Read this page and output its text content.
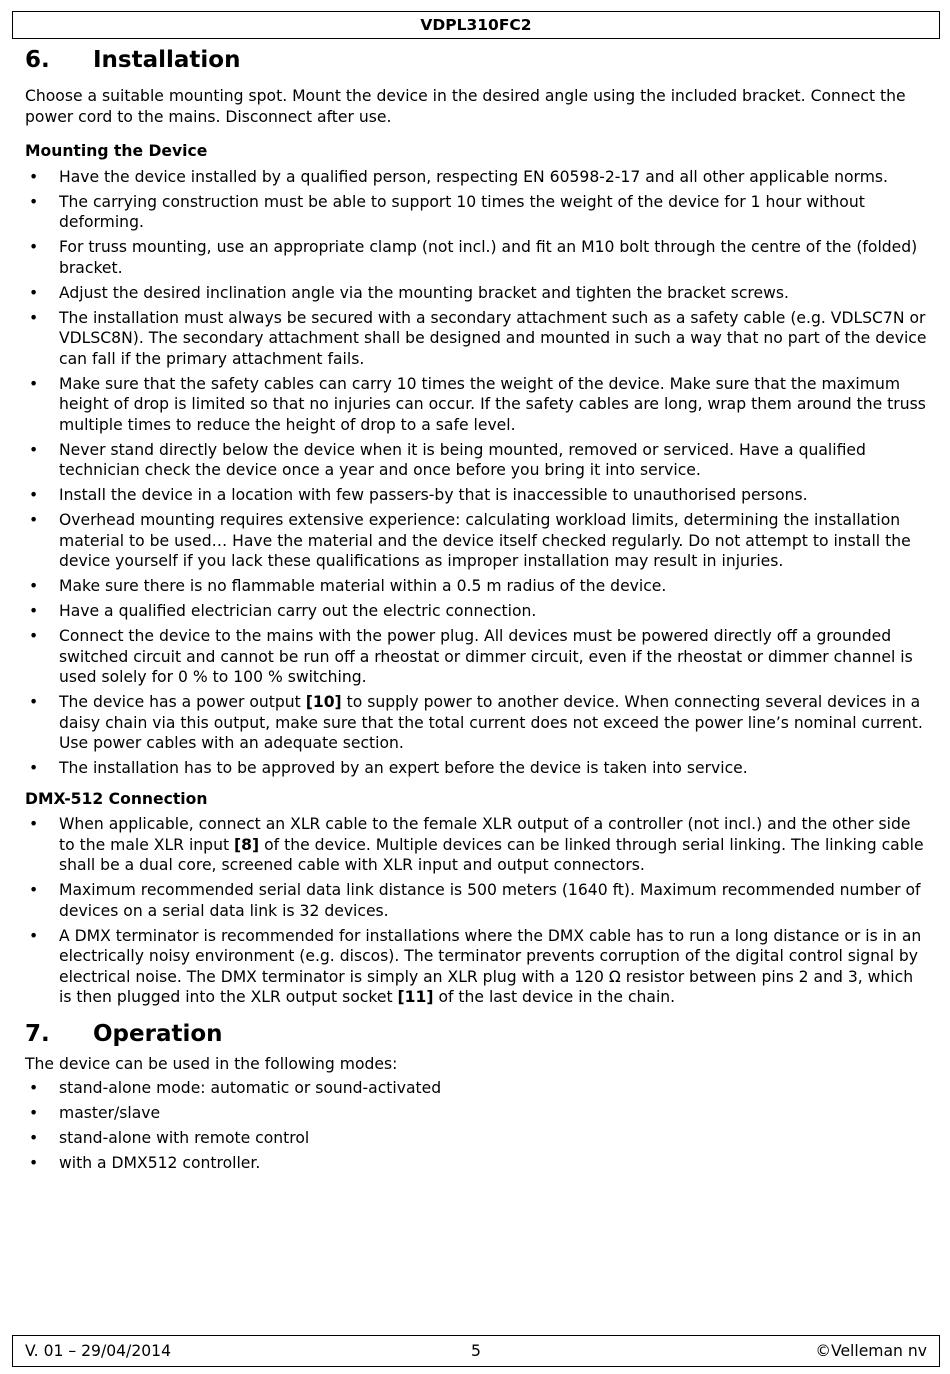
VDPL310FC2
6.	Installation

Choose a suitable mounting spot. Mount the device in the desired angle using the included bracket. Connect the power cord to the mains. Disconnect after use.

Mounting the Device
• Have the device installed by a qualified person, respecting EN 60598-2-17 and all other applicable norms.
• The carrying construction must be able to support 10 times the weight of the device for 1 hour without deforming.
• For truss mounting, use an appropriate clamp (not incl.) and fit an M10 bolt through the centre of the (folded) bracket.
• Adjust the desired inclination angle via the mounting bracket and tighten the bracket screws.
• The installation must always be secured with a secondary attachment such as a safety cable (e.g. VDLSC7N or VDLSC8N). The secondary attachment shall be designed and mounted in such a way that no part of the device can fall if the primary attachment fails.
• Make sure that the safety cables can carry 10 times the weight of the device. Make sure that the maximum height of drop is limited so that no injuries can occur. If the safety cables are long, wrap them around the truss multiple times to reduce the height of drop to a safe level.
• Never stand directly below the device when it is being mounted, removed or serviced. Have a qualified technician check the device once a year and once before you bring it into service.
• Install the device in a location with few passers-by that is inaccessible to unauthorised persons.
• Overhead mounting requires extensive experience: calculating workload limits, determining the installation material to be used… Have the material and the device itself checked regularly. Do not attempt to install the device yourself if you lack these qualifications as improper installation may result in injuries.
• Make sure there is no flammable material within a 0.5 m radius of the device.
• Have a qualified electrician carry out the electric connection.
• Connect the device to the mains with the power plug. All devices must be powered directly off a grounded switched circuit and cannot be run off a rheostat or dimmer circuit, even if the rheostat or dimmer channel is used solely for 0 % to 100 % switching.
• The device has a power output [10] to supply power to another device. When connecting several devices in a daisy chain via this output, make sure that the total current does not exceed the power line’s nominal current. Use power cables with an adequate section.
• The installation has to be approved by an expert before the device is taken into service.
DMX-512 Connection
• When applicable, connect an XLR cable to the female XLR output of a controller (not incl.) and the other side to the male XLR input [8] of the device. Multiple devices can be linked through serial linking. The linking cable shall be a dual core, screened cable with XLR input and output connectors.
• Maximum recommended serial data link distance is 500 meters (1640 ft). Maximum recommended number of devices on a serial data link is 32 devices.
• A DMX terminator is recommended for installations where the DMX cable has to run a long distance or is in an electrically noisy environment (e.g. discos). The terminator prevents corruption of the digital control signal by electrical noise. The DMX terminator is simply an XLR plug with a 120 Ω resistor between pins 2 and 3, which is then plugged into the XLR output socket [11] of the last device in the chain.
7.	Operation

The device can be used in the following modes:

• stand-alone mode: automatic or sound-activated
• master/slave
• stand-alone with remote control
• with a DMX512 controller.
V. 01 – 29/04/2014	5	©Velleman nv
